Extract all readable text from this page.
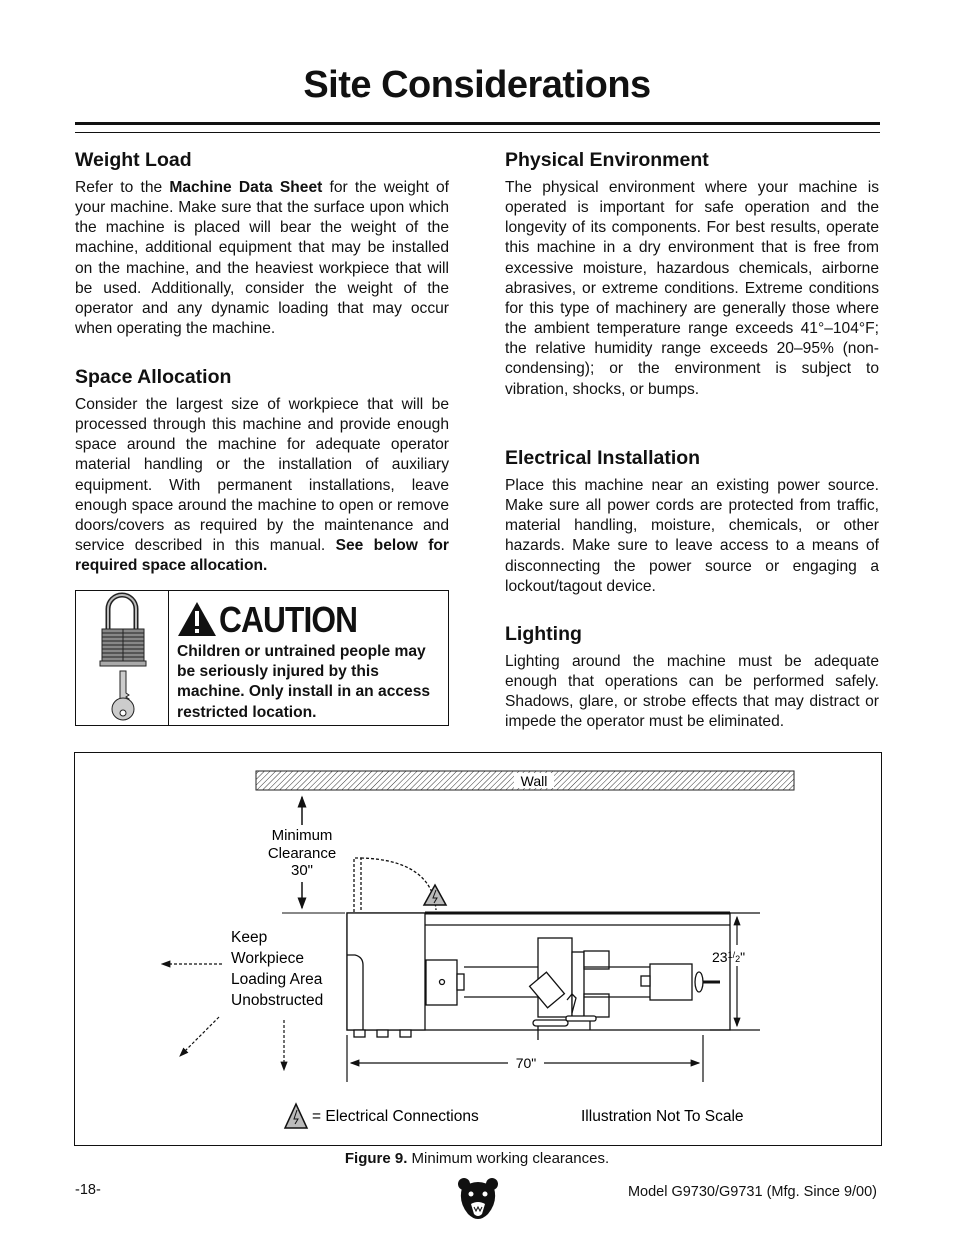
Site Considerations
Weight Load

Refer to the Machine Data Sheet for the weight of your machine. Make sure that the surface upon which the machine is placed will bear the weight of the machine, additional equipment that may be installed on the machine, and the heaviest workpiece that will be used. Additionally, consider the weight of the operator and any dynamic loading that may occur when operating the machine.

Space Allocation

Consider the largest size of workpiece that will be processed through this machine and provide enough space around the machine for adequate operator material handling or the installation of auxiliary equipment. With permanent installations, leave enough space around the machine to open or remove doors/covers as required by the maintenance and service described in this manual. See below for required space allocation.

CAUTION
Children or untrained people may be seriously injured by this machine. Only install in an access restricted location.
Physical Environment

The physical environment where your machine is operated is important for safe operation and the longevity of its components. For best results, operate this machine in a dry environment that is free from excessive moisture, hazardous chemicals, airborne abrasives, or extreme conditions. Extreme conditions for this type of machinery are generally those where the ambient temperature range exceeds 41°–104°F; the relative humidity range exceeds 20–95% (non-condensing); or the environment is subject to vibration, shocks, or bumps.

Electrical Installation

Place this machine near an existing power source. Make sure all power cords are protected from traffic, material handling, moisture, chemicals, or other hazards. Make sure to leave access to a means of disconnecting the power source or engaging a lockout/tagout device.

Lighting

Lighting around the machine must be adequate enough that operations can be performed safely. Shadows, glare, or strobe effects that may distract or impede the operator must be eliminated.

Wall
Minimum
Clearance
30"
$23^1/_2$"
70"
Keep
Workpiece
Loading Area
Unobstructed
= Electrical Connections	Illustration Not To Scale
Figure 9. Minimum working clearances.
-18-	Model G9730/G9731 (Mfg. Since 9/00)
